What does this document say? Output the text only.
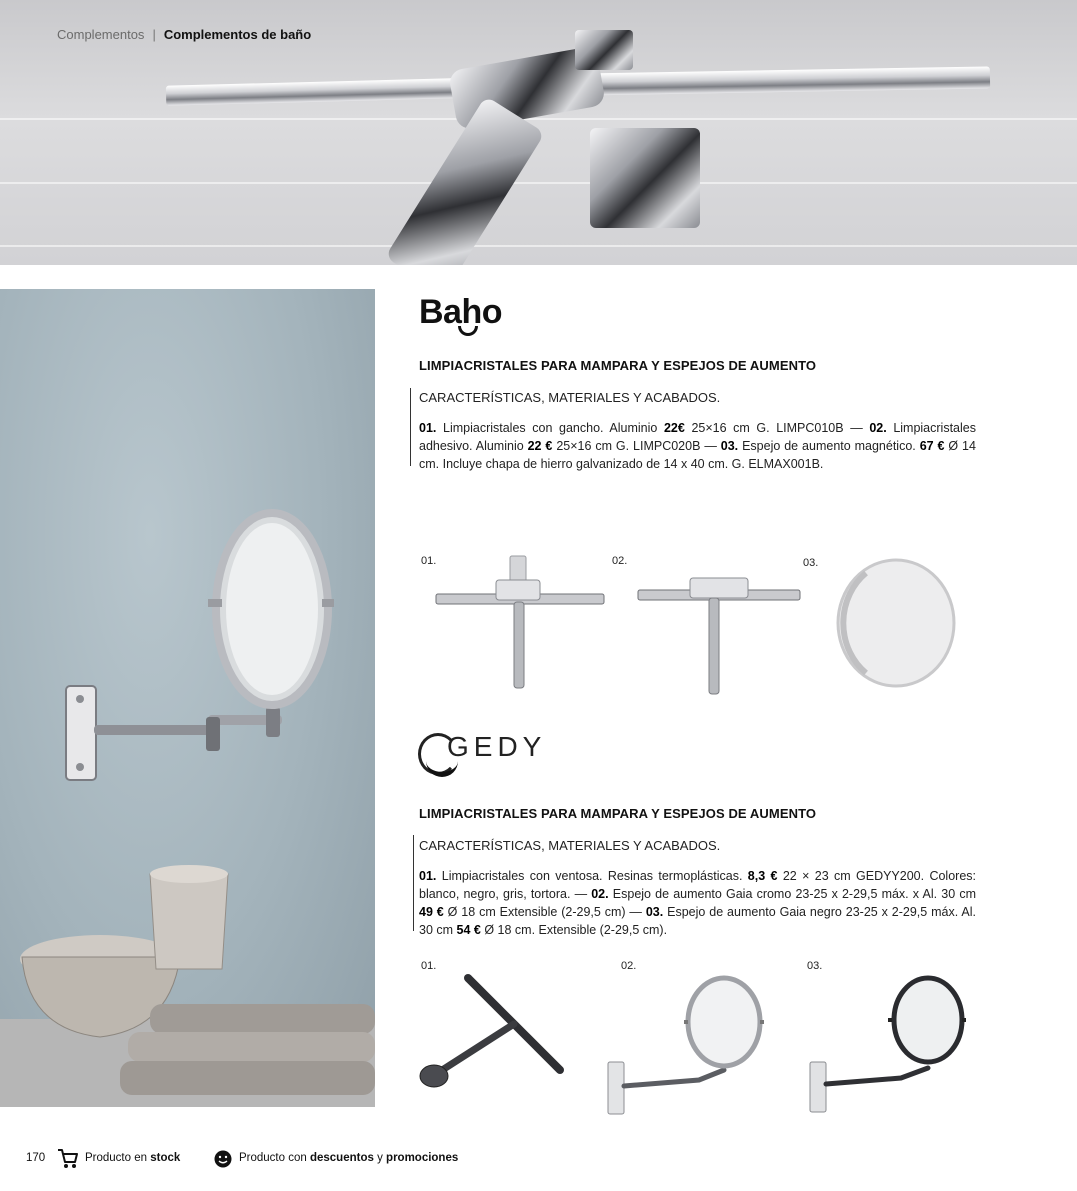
Complementos | Complementos de baño
Baho
LIMPIACRISTALES PARA MAMPARA Y ESPEJOS DE AUMENTO
CARACTERÍSTICAS, MATERIALES Y ACABADOS.
01. Limpiacristales con gancho. Aluminio 22€ 25×16 cm G. LIMPC010B — 02. Limpiacristales adhesivo. Aluminio 22 € 25×16 cm G. LIMPC020B — 03. Espejo de aumento magnético. 67 € Ø 14 cm. Incluye chapa de hierro galvanizado de 14 x 40 cm. G. ELMAX001B.
01.	02.	03.
GEDY
LIMPIACRISTALES PARA MAMPARA Y ESPEJOS DE AUMENTO
CARACTERÍSTICAS, MATERIALES Y ACABADOS.
01. Limpiacristales con ventosa. Resinas termoplásticas. 8,3 € 22 × 23 cm GEDYY200. Colores: blanco, negro, gris, tortora. — 02. Espejo de aumento Gaia cromo 23-25 x 2-29,5 máx. x Al. 30 cm 49 € Ø 18 cm Extensible (2-29,5 cm) — 03. Espejo de aumento Gaia negro 23-25 x 2-29,5 máx. Al. 30 cm 54 € Ø 18 cm. Extensible (2-29,5 cm).
01.	02.	03.
170	Producto en stock	Producto con descuentos y promociones
